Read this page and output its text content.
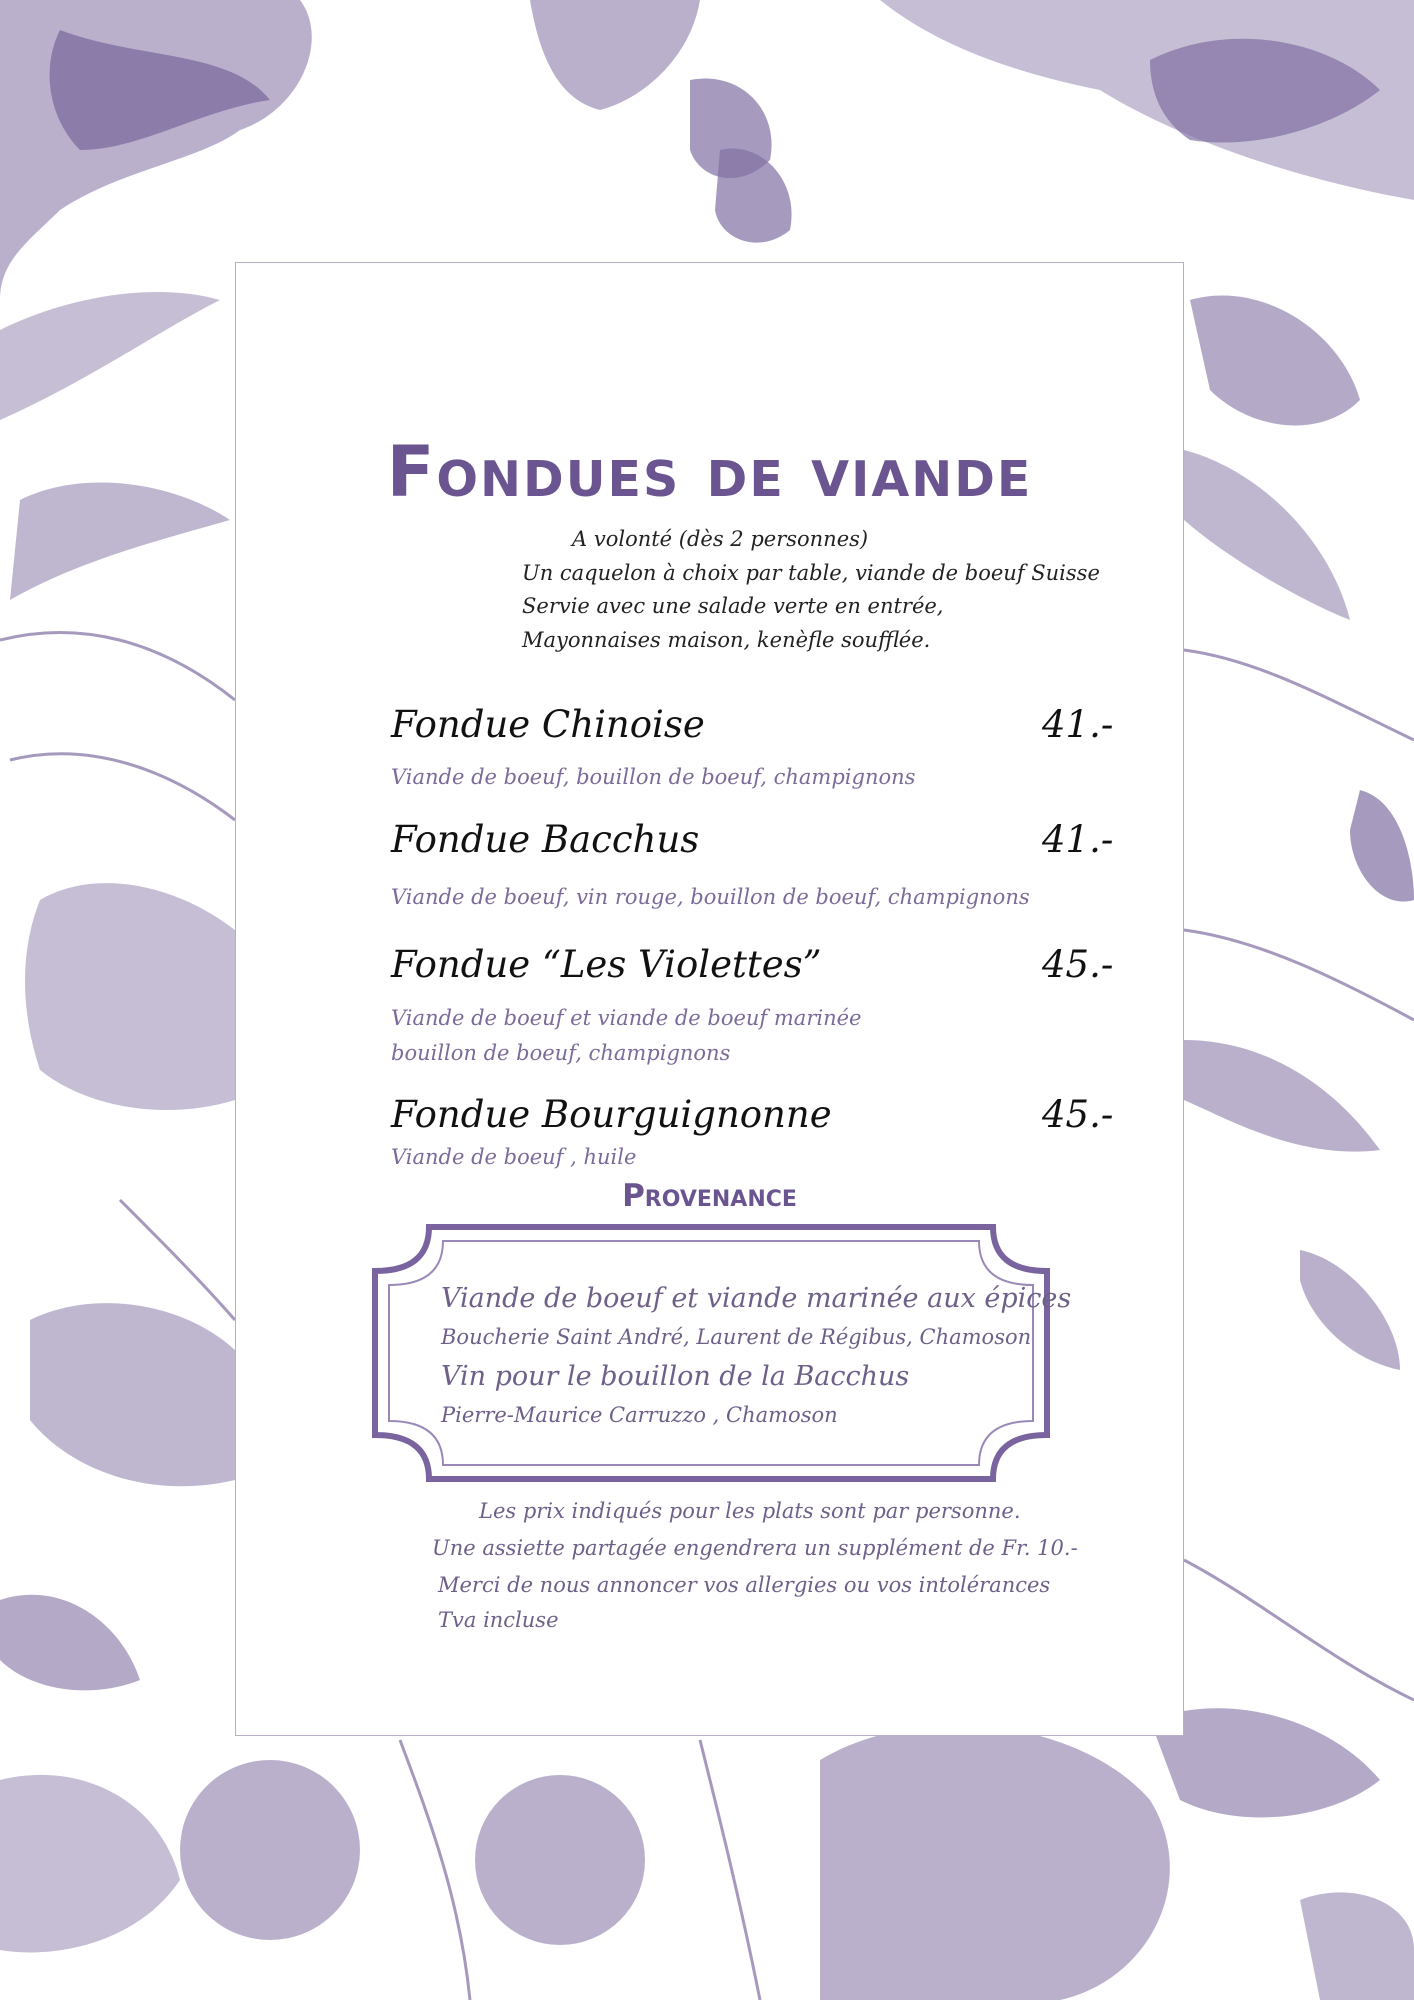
Fondues de viande
A volonté (dès 2 personnes)
Un caquelon à choix par table, viande de boeuf Suisse
Servie avec une salade verte en entrée,
Mayonnaises maison, kenèfle soufflée.
Fondue Chinoise	41.-
Viande de boeuf, bouillon de boeuf, champignons
Fondue Bacchus	41.-
Viande de boeuf, vin rouge, bouillon de boeuf, champignons
Fondue “Les Violettes”	45.-
Viande de boeuf et viande de boeuf marinée
bouillon de boeuf, champignons
Fondue Bourguignonne	45.-
Viande de boeuf , huile
Provenance
Viande de boeuf et viande marinée aux épices
Boucherie Saint André, Laurent de Régibus, Chamoson
Vin pour le bouillon de la Bacchus
Pierre-Maurice Carruzzo , Chamoson
Les prix indiqués pour les plats sont par personne.
Une assiette partagée engendrera un supplément de Fr. 10.-
Merci de nous annoncer vos allergies ou vos intolérances
Tva incluse
